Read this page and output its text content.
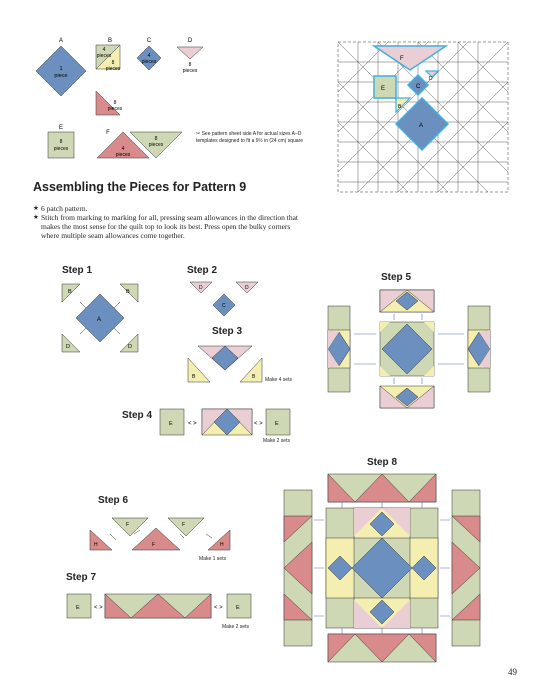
A
1
piece
B
4
pieces
8
pieces
C
4
pieces
D
8
pieces
8
pieces
E
8
pieces
F
4
pieces
8
pieces
✂ See pattern sheet side A for actual sizes A–D templates designed to fit a 9½ in (24 cm) square
F
E	C
D
B
A
Assembling the Pieces for Pattern 9
★ 6 patch pattern.
★ Stitch from marking to marking for all, pressing seam allowances in the direction that makes the most sense for the quilt top to look its best. Press open the bulky corners where multiple seam allowances come together.
Step 1	Step 2
Step 3
Step 4
Step 5
Step 6
Step 7
Step 8
B	B
D	D
A
D	D
C
B	B Make 4 sets
E	< >	< > E
Make 2 sets
F
H	F
F
H
Make 1 sets
E < >	< > E
Make 2 sets
49
